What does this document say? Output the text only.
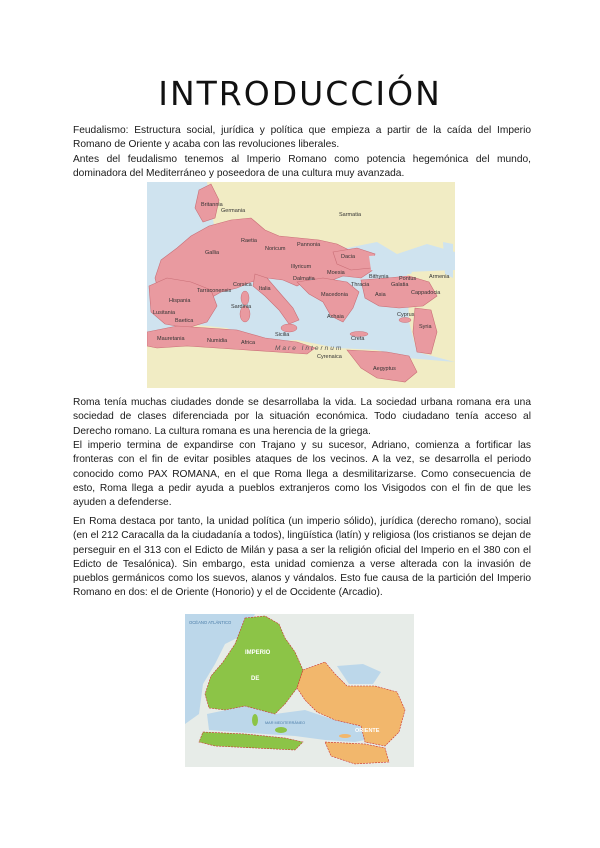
INTRODUCCIÓN

Feudalismo: Estructura social, jurídica y política que empieza a partir de la caída del Imperio Romano de Oriente y acaba con las revoluciones liberales.

Antes del feudalismo tenemos al Imperio Romano como potencia hegemónica del mundo, dominadora del Mediterráneo y poseedora de una cultura muy avanzada.

Britannia
Germania
Sarmatia
Gallia
Raetia
Noricum
Pannonia
Dacia
Thracia
Moesia
Illyricum
Italia
Hispania
Lusitania
Baetica
Tarraconensis
Corsica
Sardinia
Sicilia
Achaia
Asia	Cappadocia
Armenia
Syria
Cyprus
Mauretania	Numidia	Africa
Cyrenaica
Aegyptus
Creta
Macedonia
Dalmatia
Galatia
Pontus
Bithynia
Mare Internum

Roma tenía muchas ciudades donde se desarrollaba la vida. La sociedad urbana romana era una sociedad de clases diferenciada por la situación económica. Todo ciudadano tenía acceso al Derecho romano. La cultura romana es una herencia de la griega.

El imperio termina de expandirse con Trajano y su sucesor, Adriano, comienza a fortificar las fronteras con el fin de evitar posibles ataques de los vecinos. A la vez, se desarrolla el periodo conocido como PAX ROMANA, en el que Roma llega a desmilitarizarse. Como consecuencia de esto, Roma llega a pedir ayuda a pueblos extranjeros como los Visigodos con el fin de que les ayuden a defenderse.

En Roma destaca por tanto, la unidad política (un imperio sólido), jurídica (derecho romano), social (en el 212 Caracalla da la ciudadanía a todos), lingüística (latín) y religiosa (los cristianos se dejan de perseguir en el 313 con el Edicto de Milán y pasa a ser la religión oficial del Imperio en el 380 con el Edicto de Tesalónica). Sin embargo, esta unidad comienza a verse alterada con la invasión de pueblos germánicos como los suevos, alanos y vándalos. Esto fue causa de la partición del Imperio Romano en dos: el de Oriente (Honorio) y el de Occidente (Arcadio).

OCÉANO ATLÁNTICO
IMPERIO
DE
ORIENTE
MAR MEDITERRÁNEO
